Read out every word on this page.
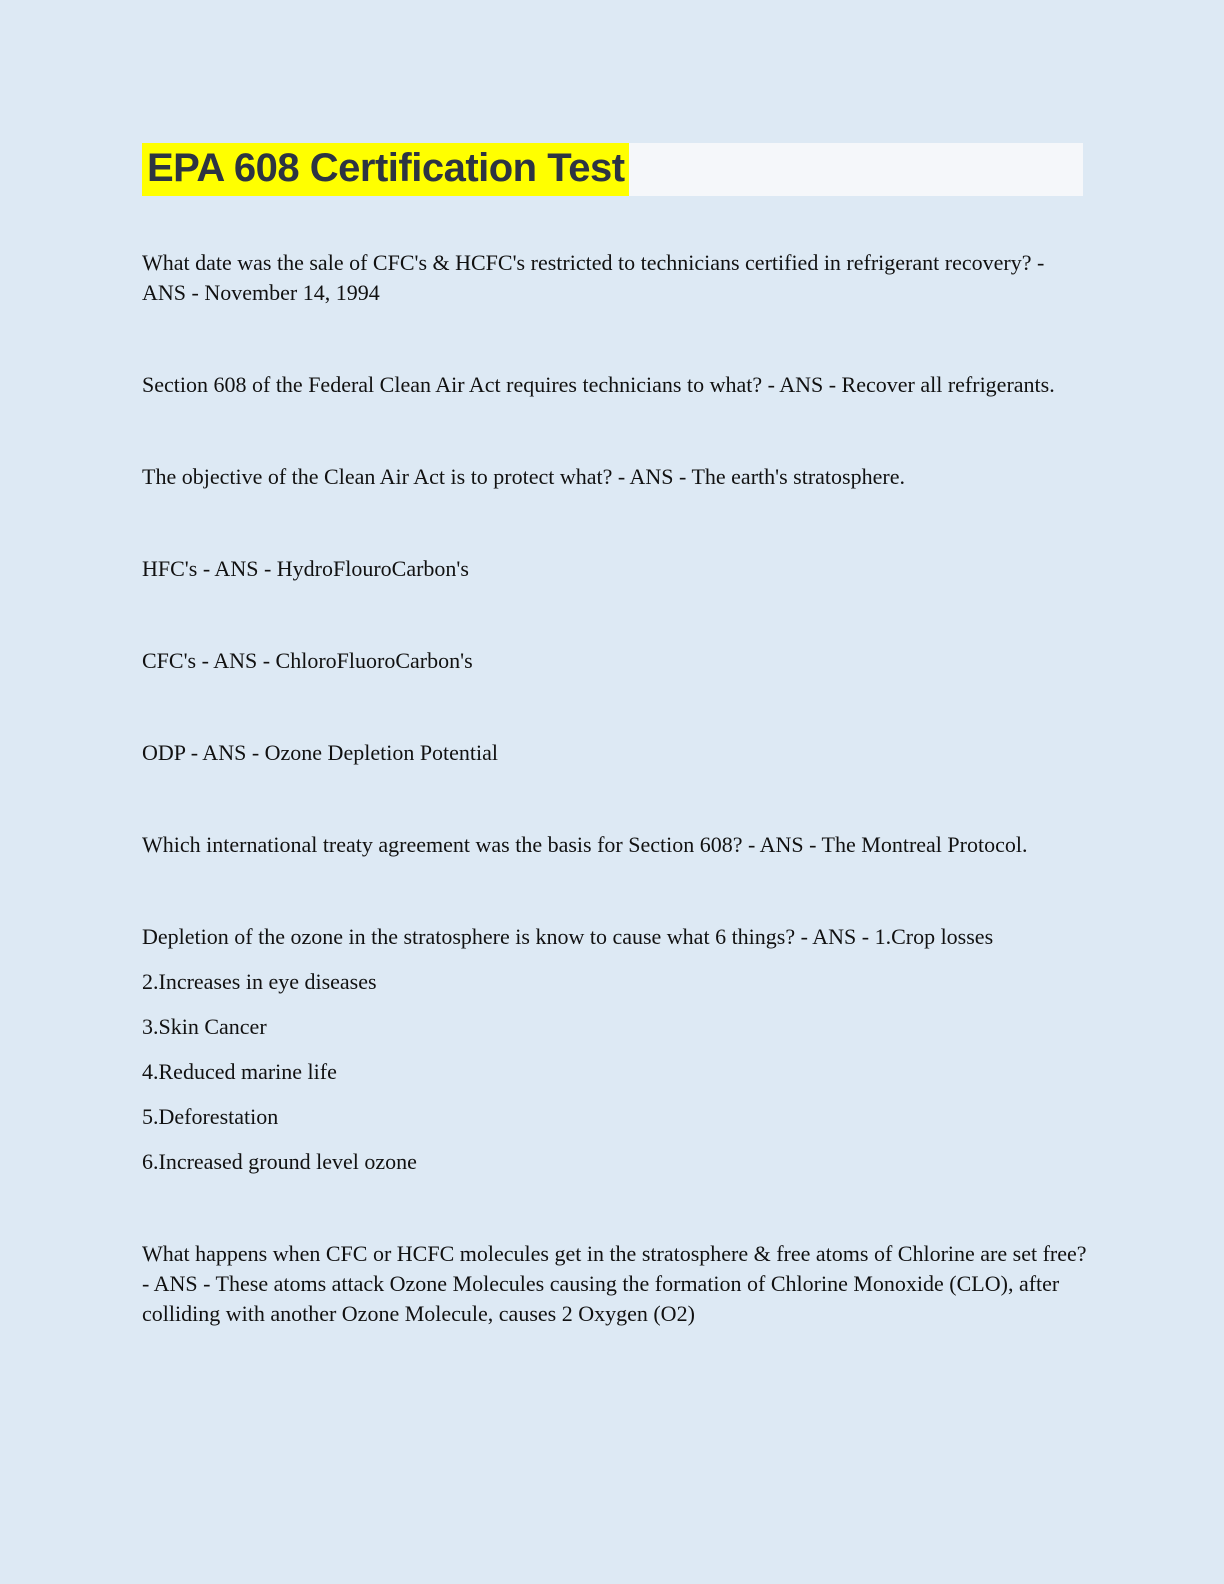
EPA 608 Certification Test

What date was the sale of CFC's & HCFC's restricted to technicians certified in refrigerant recovery? - ANS - November 14, 1994

Section 608 of the Federal Clean Air Act requires technicians to what? - ANS - Recover all refrigerants.

The objective of the Clean Air Act is to protect what? - ANS - The earth's stratosphere.

HFC's - ANS - HydroFlouroCarbon's

CFC's - ANS - ChloroFluoroCarbon's

ODP - ANS - Ozone Depletion Potential

Which international treaty agreement was the basis for Section 608? - ANS - The Montreal Protocol.

Depletion of the ozone in the stratosphere is know to cause what 6 things? - ANS - 1.Crop losses

2.Increases in eye diseases

3.Skin Cancer

4.Reduced marine life

5.Deforestation

6.Increased ground level ozone

What happens when CFC or HCFC molecules get in the stratosphere & free atoms of Chlorine are set free? - ANS - These atoms attack Ozone Molecules causing the formation of Chlorine Monoxide (CLO), after colliding with another Ozone Molecule, causes 2 Oxygen (O2)
